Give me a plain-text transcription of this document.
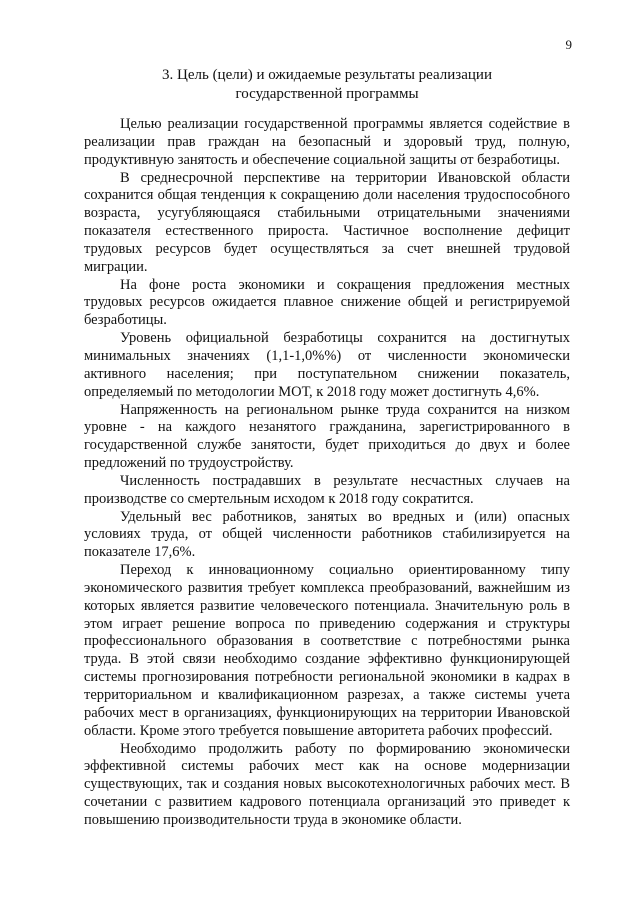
9
3. Цель (цели) и ожидаемые результаты реализации
государственной программы

Целью реализации государственной программы является содействие в реализации прав граждан на безопасный и здоровый труд, полную, продуктивную занятость и обеспечение социальной защиты от безработицы.

В среднесрочной перспективе на территории Ивановской области сохранится общая тенденция к сокращению доли населения трудоспособного возраста, усугубляющаяся стабильными отрицательными значениями показателя естественного прироста. Частичное восполнение дефицит трудовых ресурсов будет осуществляться за счет внешней трудовой миграции.

На фоне роста экономики и сокращения предложения местных трудовых ресурсов ожидается плавное снижение общей и регистрируемой безработицы.

Уровень официальной безработицы сохранится на достигнутых минимальных значениях (1,1-1,0%%) от численности экономически активного населения; при поступательном снижении показатель, определяемый по методологии МОТ, к 2018 году может достигнуть 4,6%.

Напряженность на региональном рынке труда сохранится на низком уровне - на каждого незанятого гражданина, зарегистрированного в государственной службе занятости, будет приходиться до двух и более предложений по трудоустройству.

Численность пострадавших в результате несчастных случаев на производстве со смертельным исходом к 2018 году сократится.

Удельный вес работников, занятых во вредных и (или) опасных условиях труда, от общей численности работников стабилизируется на показателе 17,6%.

Переход к инновационному социально ориентированному типу экономического развития требует комплекса преобразований, важнейшим из которых является развитие человеческого потенциала. Значительную роль в этом играет решение вопроса по приведению содержания и структуры профессионального образования в соответствие с потребностями рынка труда. В этой связи необходимо создание эффективно функционирующей системы прогнозирования потребности региональной экономики в кадрах в территориальном и квалификационном разрезах, а также системы учета рабочих мест в организациях, функционирующих на территории Ивановской области. Кроме этого требуется повышение авторитета рабочих профессий.

Необходимо продолжить работу по формированию экономически эффективной системы рабочих мест как на основе модернизации существующих, так и создания новых высокотехнологичных рабочих мест. В сочетании с развитием кадрового потенциала организаций это приведет к повышению производительности труда в экономике области.
